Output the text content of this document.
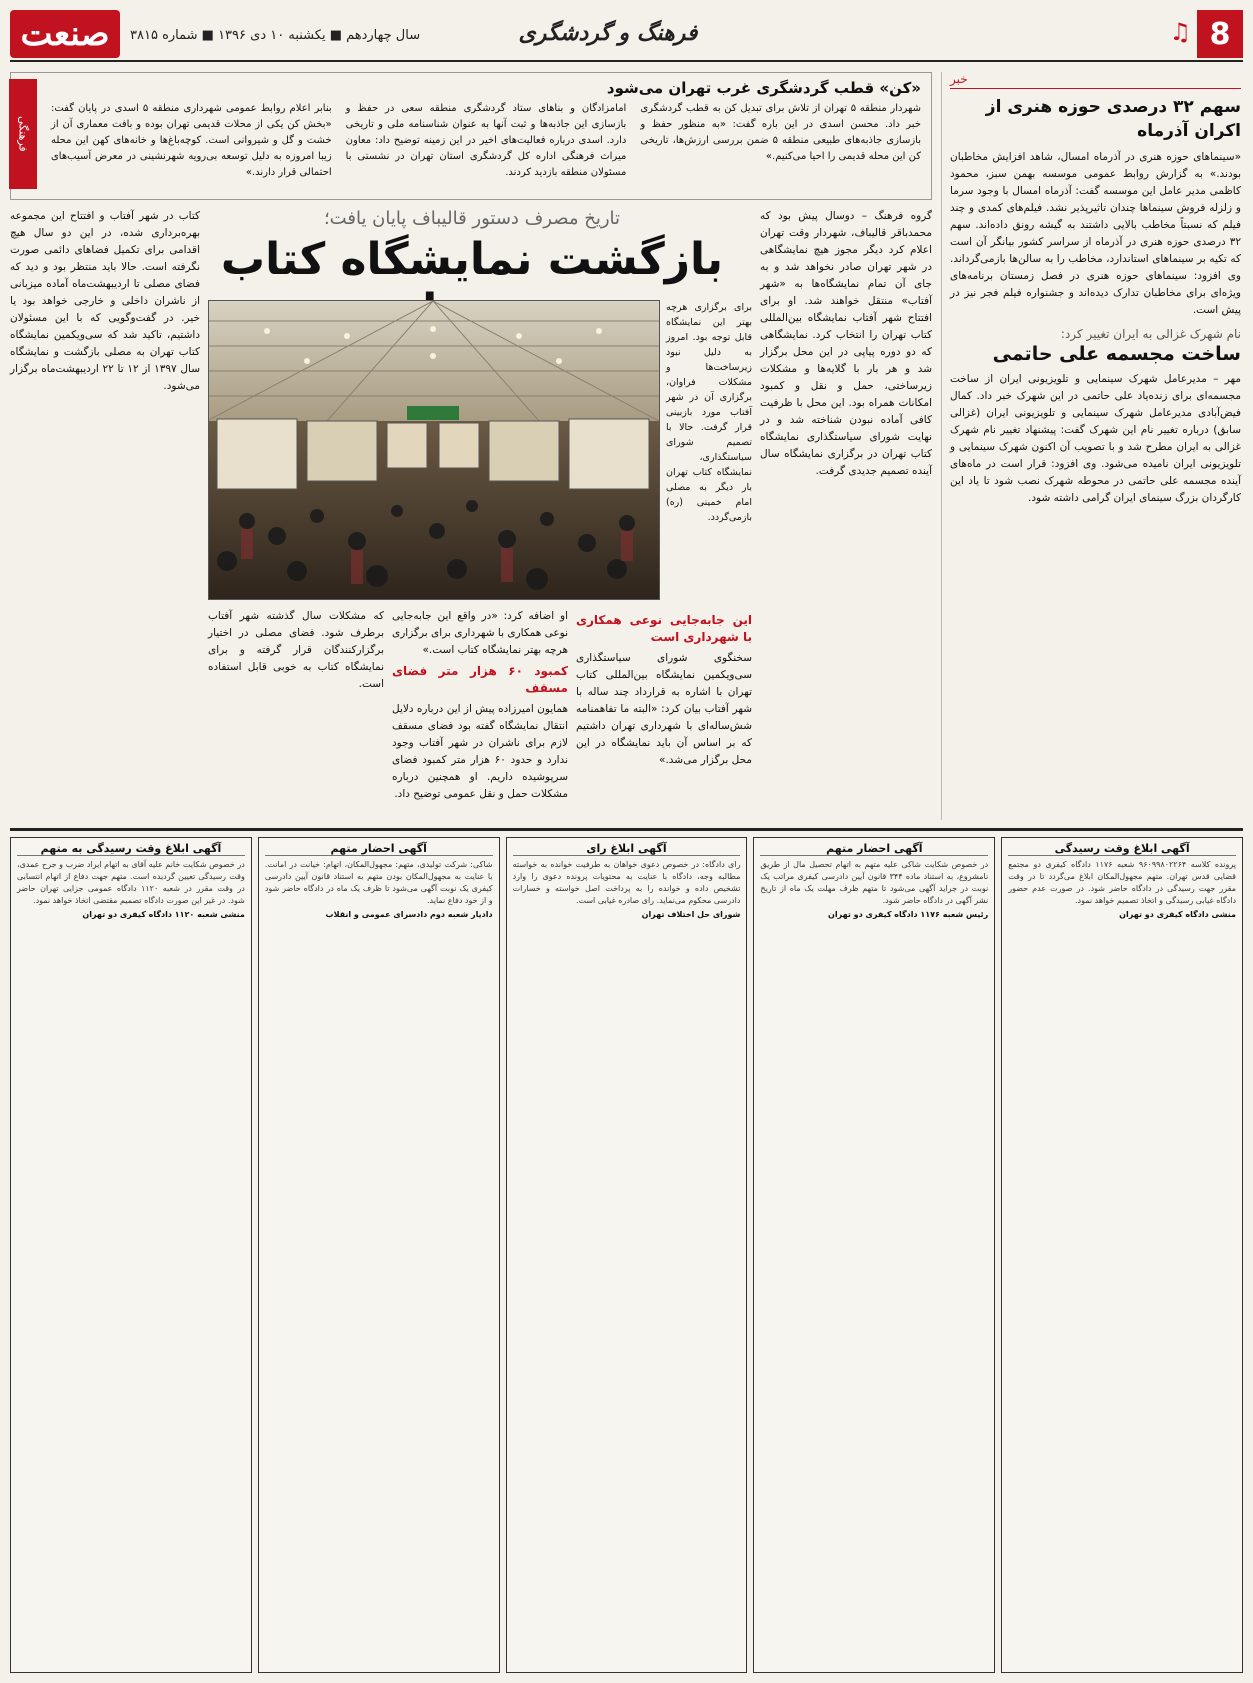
8
♫
فرهنگ و گردشگری
سال چهاردهم ■ یکشنبه ۱۰ دی ۱۳۹۶ ■ شماره ۳۸۱۵
صنعت
خبر
سهم ۳۲ درصدی حوزه هنری از اکران آذرماه

«سینماهای حوزه هنری در آذرماه امسال، شاهد افزایش مخاطبان بودند.» به گزارش روابط عمومی موسسه بهمن سبز، محمود کاظمی مدیر عامل این موسسه گفت: آذرماه امسال با وجود سرما و زلزله فروش سینماها چندان تاثیرپذیر نشد. فیلم‌های کمدی و چند فیلم که نسبتاً مخاطب بالایی داشتند به گیشه رونق داده‌اند. سهم ۳۲ درصدی حوزه هنری در آذرماه از سراسر کشور بیانگر آن است که تکیه بر سینماهای استاندارد، مخاطب را به سالن‌ها بازمی‌گرداند. وی افزود: سینماهای حوزه هنری در فصل زمستان برنامه‌های ویژه‌ای برای مخاطبان تدارک دیده‌اند و جشنواره فیلم فجر نیز در پیش است.

نام شهرک غزالی به ایران تغییر کرد:
ساخت مجسمه علی حاتمی

مهر – مدیرعامل شهرک سینمایی و تلویزیونی ایران از ساخت مجسمه‌ای برای زنده‌یاد علی حاتمی در این شهرک خبر داد. کمال فیض‌آبادی مدیرعامل شهرک سینمایی و تلویزیونی ایران (غزالی سابق) درباره تغییر نام این شهرک گفت: پیشنهاد تغییر نام شهرک غزالی به ایران مطرح شد و با تصویب آن اکنون شهرک سینمایی و تلویزیونی ایران نامیده می‌شود. وی افزود: قرار است در ماه‌های آینده مجسمه علی حاتمی در محوطه شهرک نصب شود تا یاد این کارگردان بزرگ سینمای ایران گرامی داشته شود.

فرهنگی
«کن» قطب گردشگری غرب تهران می‌شود

شهردار منطقه ۵ تهران از تلاش برای تبدیل کن به قطب گردشگری خبر داد. محسن اسدی در این باره گفت: «به منظور حفظ و بازسازی جاذبه‌های طبیعی منطقه ۵ ضمن بررسی ارزش‌ها، تاریخی کن این محله قدیمی را احیا می‌کنیم.»

امامزادگان و بناهای ستاد گردشگری منطقه سعی در حفظ و بازسازی این جاذبه‌ها و ثبت آنها به عنوان شناسنامه ملی و تاریخی دارد. اسدی درباره فعالیت‌های اخیر در این زمینه توضیح داد: معاون میراث فرهنگی اداره کل گردشگری استان تهران در نشستی با مسئولان منطقه بازدید کردند.

بنابر اعلام روابط عمومی شهرداری منطقه ۵ اسدی در پایان گفت: «بخش کن یکی از محلات قدیمی تهران بوده و بافت معماری آن از خشت و گل و شیروانی است. کوچه‌باغ‌ها و خانه‌های کهن این محله زیبا امروزه به دلیل توسعه بی‌رویه شهرنشینی در معرض آسیب‌های احتمالی قرار دارند.»

تاریخ مصرف دستور قالیباف پایان یافت؛
بازگشت نمایشگاه کتاب
گروه فرهنگ – دوسال پیش بود که محمدباقر قالیباف، شهردار وقت تهران اعلام کرد دیگر مجوز هیچ نمایشگاهی در شهر تهران صادر نخواهد شد و به جای آن تمام نمایشگاه‌ها به «شهر آفتاب» منتقل خواهند شد. او برای افتتاح شهر آفتاب نمایشگاه بین‌المللی کتاب تهران را انتخاب کرد. نمایشگاهی که دو دوره پیاپی در این محل برگزار شد و هر بار با گلایه‌ها و مشکلات زیرساختی، حمل و نقل و کمبود امکانات همراه بود. این محل با ظرفیت کافی آماده نبودن شناخته شد و در نهایت شورای سیاستگذاری نمایشگاه کتاب تهران در برگزاری نمایشگاه سال آینده تصمیم جدیدی گرفت.
برای برگزاری هرچه بهتر این نمایشگاه قابل توجه بود. امروز به دلیل نبود زیرساخت‌ها و مشکلات فراوان، برگزاری آن در شهر آفتاب مورد بازبینی قرار گرفت. حالا با تصمیم شورای سیاستگذاری، نمایشگاه کتاب تهران بار دیگر به مصلی امام خمینی (ره) بازمی‌گردد.
کتاب در شهر آفتاب و افتتاح این مجموعه بهره‌برداری شده، در این دو سال هیچ اقدامی برای تکمیل فضاهای دائمی صورت نگرفته است. حالا باید منتظر بود و دید که فضای مصلی تا اردیبهشت‌ماه آماده میزبانی از ناشران داخلی و خارجی خواهد بود یا خیر. در گفت‌وگویی که با این مسئولان داشتیم، تاکید شد که سی‌ویکمین نمایشگاه کتاب تهران به مصلی بازگشت و نمایشگاه سال ۱۳۹۷ از ۱۲ تا ۲۲ اردیبهشت‌ماه برگزار می‌شود.
این جابه‌جایی نوعی همکاری با شهرداری است
سخنگوی شورای سیاستگذاری سی‌ویکمین نمایشگاه بین‌المللی کتاب تهران با اشاره به قرارداد چند ساله با شهر آفتاب بیان کرد: «البته ما تفاهمنامه شش‌ساله‌ای با شهرداری تهران داشتیم که بر اساس آن باید نمایشگاه در این محل برگزار می‌شد.»
او اضافه کرد: «در واقع این جابه‌جایی نوعی همکاری با شهرداری برای برگزاری هرچه بهتر نمایشگاه کتاب است.»
کمبود ۶۰ هزار متر فضای مسقف
همایون امیرزاده پیش از این درباره دلایل انتقال نمایشگاه گفته بود فضای مسقف لازم برای ناشران در شهر آفتاب وجود ندارد و حدود ۶۰ هزار متر کمبود فضای سرپوشیده داریم. او همچنین درباره مشکلات حمل و نقل عمومی توضیح داد.
که مشکلات سال گذشته شهر آفتاب برطرف شود. فضای مصلی در اختیار برگزارکنندگان قرار گرفته و برای نمایشگاه کتاب به خوبی قابل استفاده است.
آگهی ابلاغ وقت رسیدگی
پرونده کلاسه ۹۶۰۹۹۸۰۲۲۶۴ شعبه ۱۱۷۶ دادگاه کیفری دو مجتمع قضایی قدس تهران. متهم مجهول‌المکان ابلاغ می‌گردد تا در وقت مقرر جهت رسیدگی در دادگاه حاضر شود. در صورت عدم حضور دادگاه غیابی رسیدگی و اتخاذ تصمیم خواهد نمود.
منشی دادگاه کیفری دو تهران
آگهی احضار متهم
در خصوص شکایت شاکی علیه متهم به اتهام تحصیل مال از طریق نامشروع، به استناد ماده ۳۴۴ قانون آیین دادرسی کیفری مراتب یک نوبت در جراید آگهی می‌شود تا متهم ظرف مهلت یک ماه از تاریخ نشر آگهی در دادگاه حاضر شود.
رئیس شعبه ۱۱۷۶ دادگاه کیفری دو تهران
آگهی ابلاغ رای
رای دادگاه: در خصوص دعوی خواهان به طرفیت خوانده به خواسته مطالبه وجه، دادگاه با عنایت به محتویات پرونده دعوی را وارد تشخیص داده و خوانده را به پرداخت اصل خواسته و خسارات دادرسی محکوم می‌نماید. رای صادره غیابی است.
شورای حل اختلاف تهران
آگهی احضار متهم
شاکی: شرکت تولیدی، متهم: مجهول‌المکان، اتهام: خیانت در امانت. با عنایت به مجهول‌المکان بودن متهم به استناد قانون آیین دادرسی کیفری یک نوبت آگهی می‌شود تا ظرف یک ماه در دادگاه حاضر شود و از خود دفاع نماید.
دادیار شعبه دوم دادسرای عمومی و انقلاب
آگهی ابلاغ وقت رسیدگی به متهم
در خصوص شکایت خانم علیه آقای به اتهام ایراد ضرب و جرح عمدی، وقت رسیدگی تعیین گردیده است. متهم جهت دفاع از اتهام انتسابی در وقت مقرر در شعبه ۱۱۲۰ دادگاه عمومی جزایی تهران حاضر شود. در غیر این صورت دادگاه تصمیم مقتضی اتخاذ خواهد نمود.
منشی شعبه ۱۱۲۰ دادگاه کیفری دو تهران
